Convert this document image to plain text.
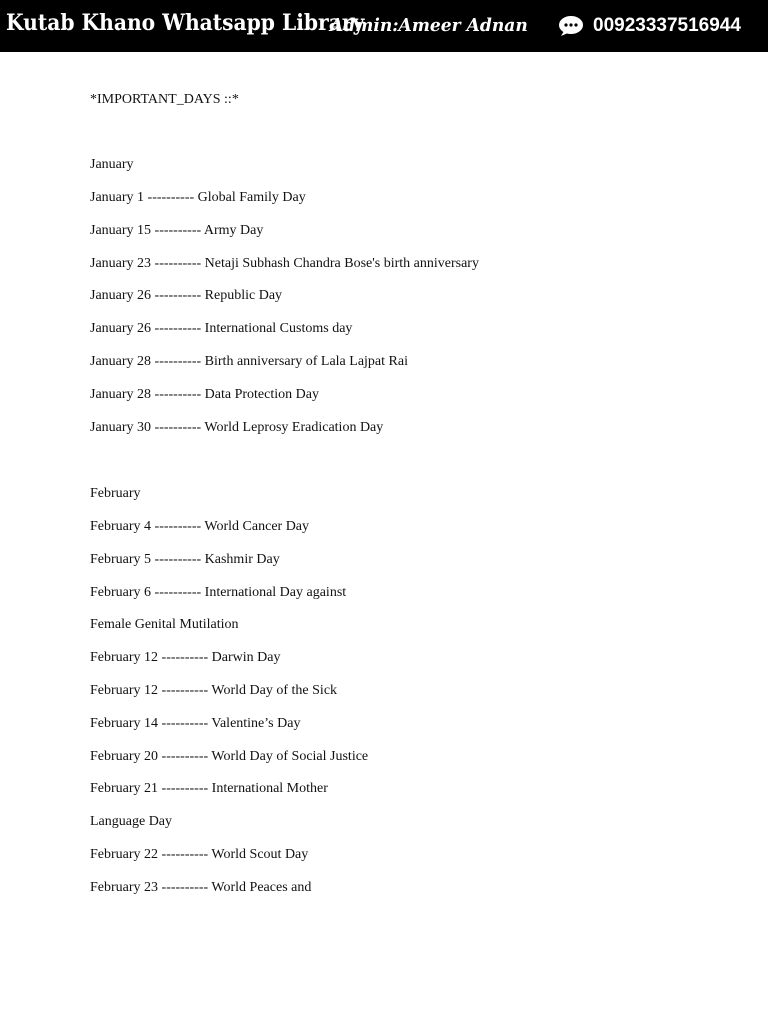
Kutab Khano Whatsapp Library
Admin:Ameer Adnan	00923337516944
*IMPORTANT_DAYS ::*
January
January 1 ---------- Global Family Day
January 15 ---------- Army Day
January 23 ---------- Netaji Subhash Chandra Bose's birth anniversary
January 26 ---------- Republic Day
January 26 ---------- International Customs day
January 28 ---------- Birth anniversary of Lala Lajpat Rai
January 28 ---------- Data Protection Day
January 30 ---------- World Leprosy Eradication Day
February
February 4 ---------- World Cancer Day
February 5 ---------- Kashmir Day
February 6 ---------- International Day against
Female Genital Mutilation
February 12 ---------- Darwin Day
February 12 ---------- World Day of the Sick
February 14 ---------- Valentine’s Day
February 20 ---------- World Day of Social Justice
February 21 ---------- International Mother
Language Day
February 22 ---------- World Scout Day
February 23 ---------- World Peaces and
